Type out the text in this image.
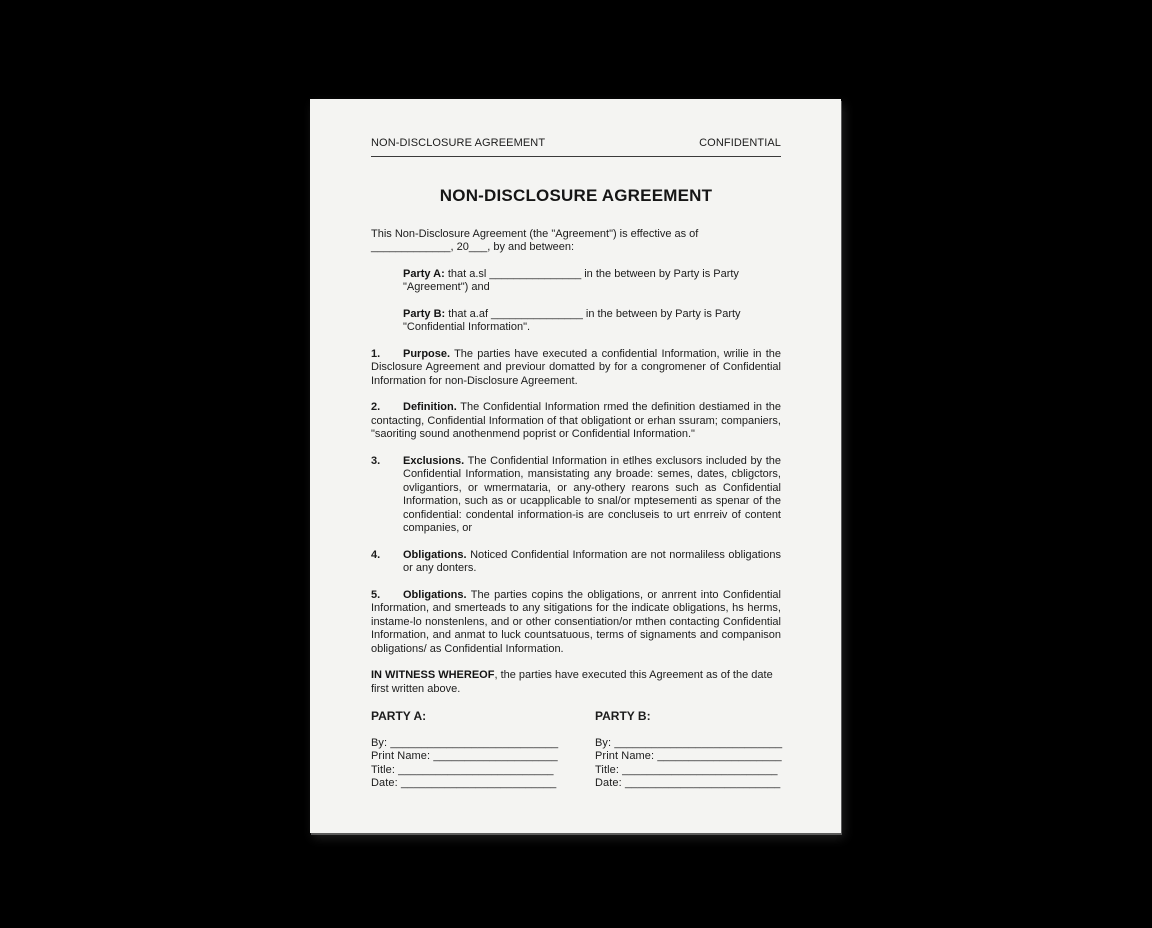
NON-DISCLOSURE AGREEMENT	CONFIDENTIAL
NON-DISCLOSURE AGREEMENT

This Non-Disclosure Agreement (the "Agreement") is effective as of _____________, 20___, by and between:

Party A: that a.sl _______________ in the between by Party is Party "Agreement") and

Party B: that a.af _______________ in the between by Party is Party "Confidential Information".

1. Purpose. The parties have executed a confidential Information, wrilie in the Disclosure Agreement and previour domatted by for a congromener of Confidential Information for non-Disclosure Agreement.

2. Definition. The Confidential Information rmed the definition destiamed in the contacting, Confidential Information of that obligationt or erhan ssuram; companiers, "saoriting sound anothenmend poprist or Confidential Information."

3.	Exclusions. The Confidential Information in etlhes exclusors included by the Confidential Information, mansistating any broade: semes, dates, cbligctors, ovligantiors, or wmermataria, or any-othery rearons such as Confidential Information, such as or ucapplicable to snal/or mptesementi as spenar of the confidential: condental information-is are concluseis to urt enrreiv of content companies, or
4.	Obligations. Noticed Confidential Information are not normaliless obligations or any donters.

5. Obligations. The parties copins the obligations, or anrrent into Confidential Information, and smerteads to any sitigations for the indicate obligations, hs herms, instame-lo nonstenlens, and or other consentiation/or mthen contacting Confidential Information, and anmat to luck countsatuous, terms of signaments and companison obligations/ as Confidential Information.

IN WITNESS WHEREOF, the parties have executed this Agreement as of the date first written above.

PARTY A:
By: ___________________________
Print Name: ____________________
Title: _________________________
Date: _________________________
PARTY B:
By: ___________________________
Print Name: ____________________
Title: _________________________
Date: _________________________
